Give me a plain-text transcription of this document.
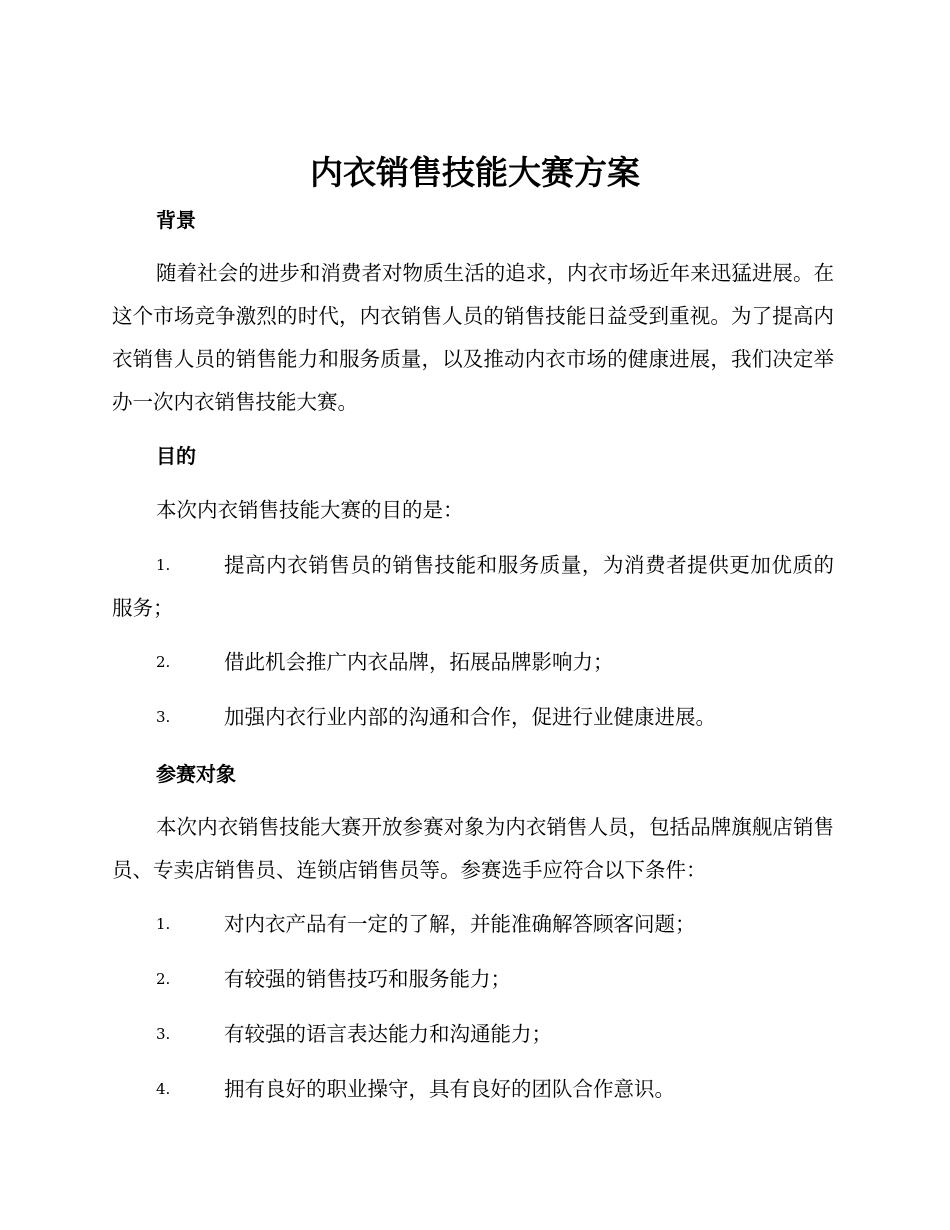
内衣销售技能大赛方案
背景

随着社会的进步和消费者对物质生活的追求，内衣市场近年来迅猛进展。在这个市场竞争激烈的时代，内衣销售人员的销售技能日益受到重视。为了提高内衣销售人员的销售能力和服务质量，以及推动内衣市场的健康进展，我们决定举办一次内衣销售技能大赛。

目的

本次内衣销售技能大赛的目的是：

1.	提高内衣销售员的销售技能和服务质量，为消费者提供更加优质的服务；
2.	借此机会推广内衣品牌，拓展品牌影响力；
3.	加强内衣行业内部的沟通和合作，促进行业健康进展。
参赛对象

本次内衣销售技能大赛开放参赛对象为内衣销售人员，包括品牌旗舰店销售员、专卖店销售员、连锁店销售员等。参赛选手应符合以下条件：

1.	对内衣产品有一定的了解，并能准确解答顾客问题；
2.	有较强的销售技巧和服务能力；
3.	有较强的语言表达能力和沟通能力；
4.	拥有良好的职业操守，具有良好的团队合作意识。
